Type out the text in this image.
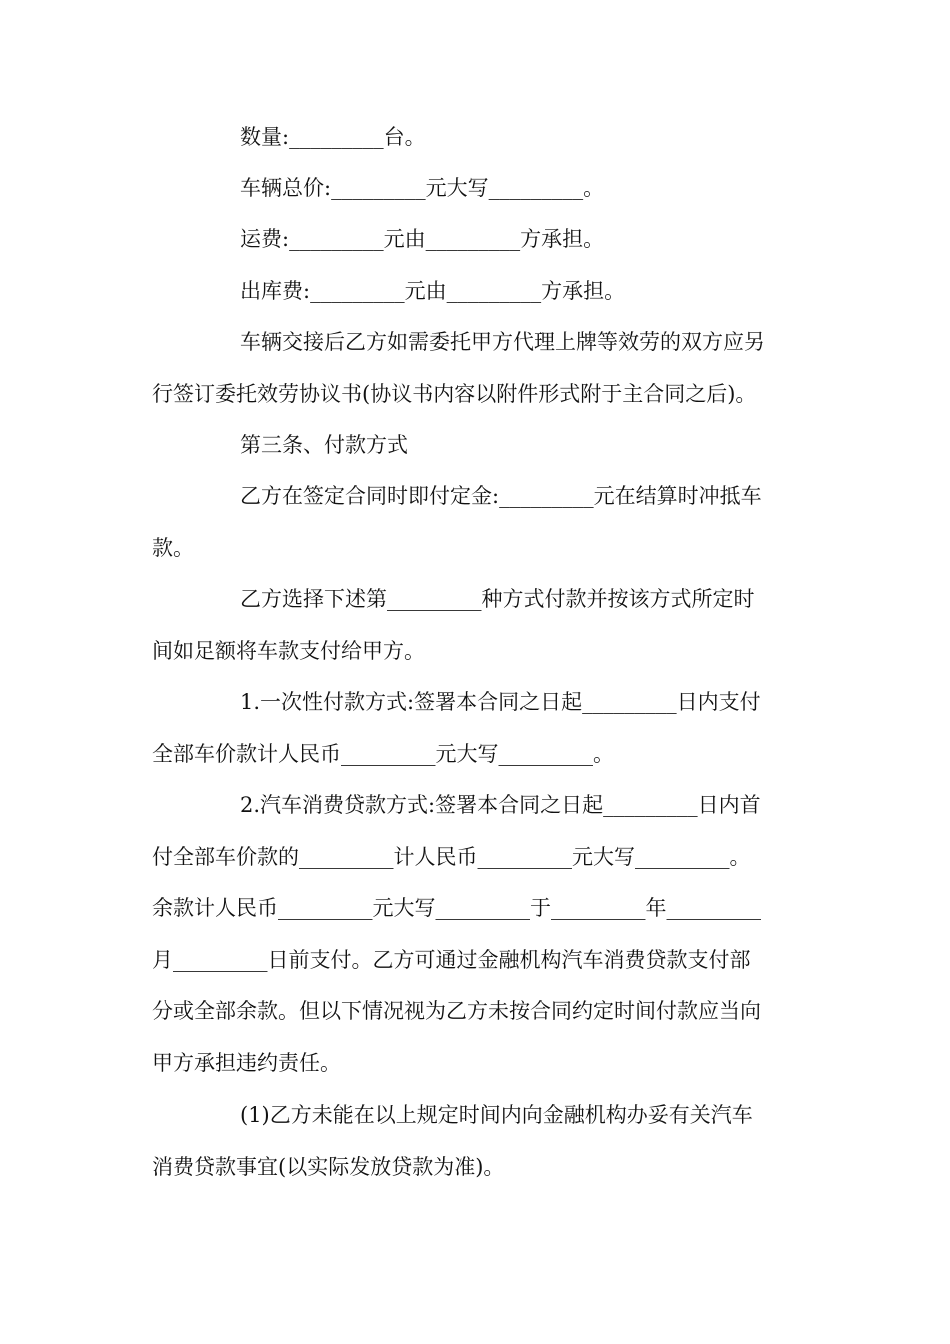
数量:_________台。

车辆总价:_________元大写_________。

运费:_________元由_________方承担。

出库费:_________元由_________方承担。

车辆交接后乙方如需委托甲方代理上牌等效劳的双方应另
行签订委托效劳协议书(协议书内容以附件形式附于主合同之后)。

第三条、付款方式

乙方在签定合同时即付定金:_________元在结算时冲抵车
款。

乙方选择下述第_________种方式付款并按该方式所定时
间如足额将车款支付给甲方。

1.一次性付款方式:签署本合同之日起_________日内支付
全部车价款计人民币_________元大写_________。

2.汽车消费贷款方式:签署本合同之日起_________日内首
付全部车价款的_________计人民币_________元大写_________。
余款计人民币_________元大写_________于_________年_________
月_________日前支付。乙方可通过金融机构汽车消费贷款支付部
分或全部余款。但以下情况视为乙方未按合同约定时间付款应当向
甲方承担违约责任。

(1)乙方未能在以上规定时间内向金融机构办妥有关汽车
消费贷款事宜(以实际发放贷款为准)。
